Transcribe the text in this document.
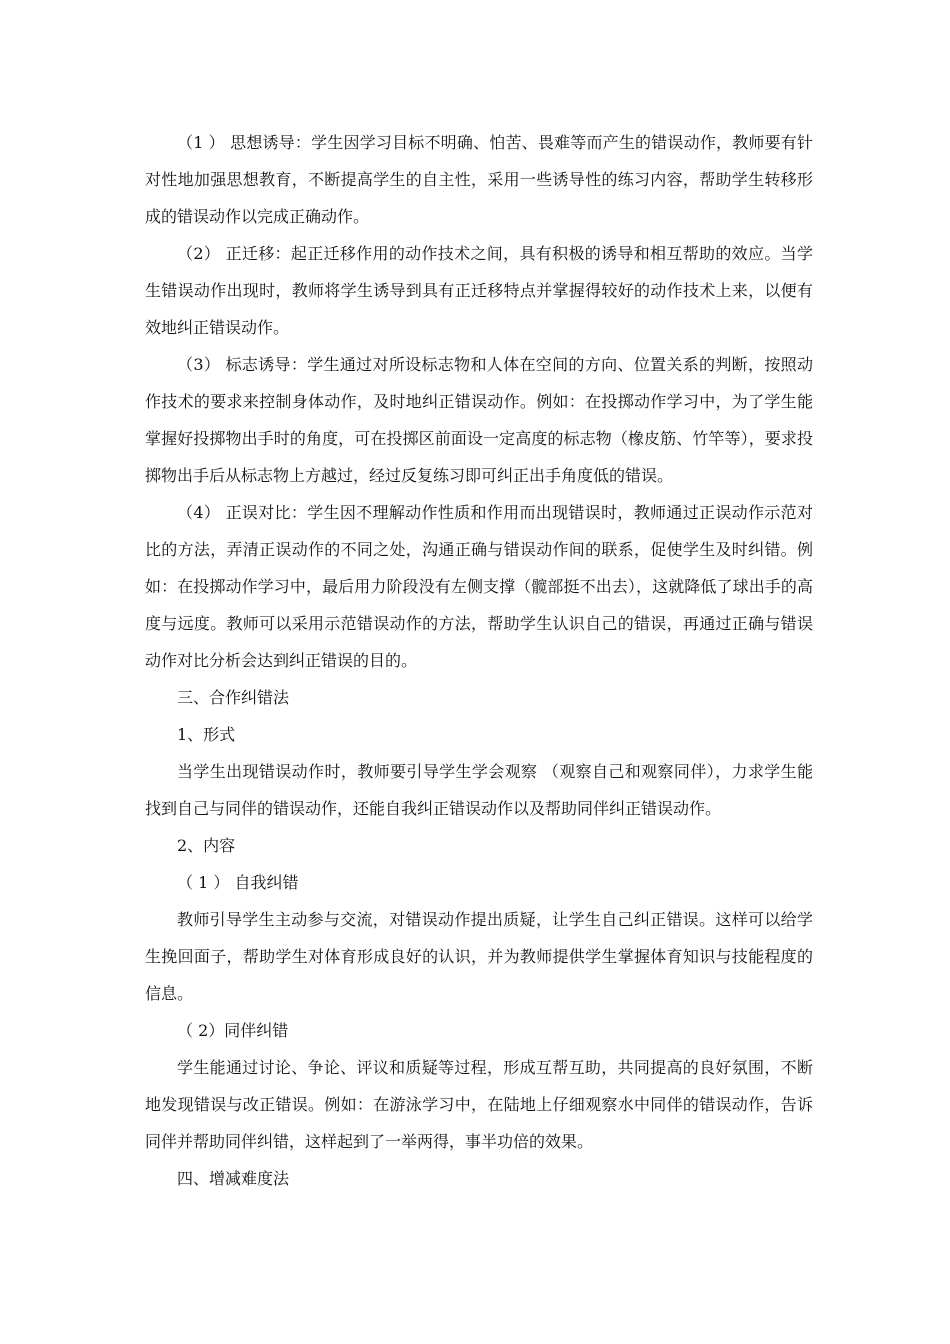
（1 ） 思想诱导：学生因学习目标不明确、怕苦、畏难等而产生的错误动作，教师要有针对性地加强思想教育，不断提高学生的自主性，采用一些诱导性的练习内容，帮助学生转移形成的错误动作以完成正确动作。

（2） 正迁移：起正迁移作用的动作技术之间，具有积极的诱导和相互帮助的效应。当学生错误动作出现时，教师将学生诱导到具有正迁移特点并掌握得较好的动作技术上来，以便有效地纠正错误动作。

（3） 标志诱导：学生通过对所设标志物和人体在空间的方向、位置关系的判断，按照动作技术的要求来控制身体动作，及时地纠正错误动作。例如：在投掷动作学习中，为了学生能掌握好投掷物出手时的角度，可在投掷区前面设一定高度的标志物（橡皮筋、竹竿等），要求投掷物出手后从标志物上方越过，经过反复练习即可纠正出手角度低的错误。

（4） 正误对比：学生因不理解动作性质和作用而出现错误时，教师通过正误动作示范对比的方法，弄清正误动作的不同之处，沟通正确与错误动作间的联系，促使学生及时纠错。例如：在投掷动作学习中，最后用力阶段没有左侧支撑（髋部挺不出去），这就降低了球出手的高度与远度。教师可以采用示范错误动作的方法，帮助学生认识自己的错误，再通过正确与错误动作对比分析会达到纠正错误的目的。

三、合作纠错法

1、形式

当学生出现错误动作时，教师要引导学生学会观察 （观察自己和观察同伴），力求学生能找到自己与同伴的错误动作，还能自我纠正错误动作以及帮助同伴纠正错误动作。

2、内容

（ 1 ） 自我纠错

教师引导学生主动参与交流，对错误动作提出质疑，让学生自己纠正错误。这样可以给学生挽回面子，帮助学生对体育形成良好的认识，并为教师提供学生掌握体育知识与技能程度的信息。

（ 2）同伴纠错

学生能通过讨论、争论、评议和质疑等过程，形成互帮互助，共同提高的良好氛围，不断地发现错误与改正错误。例如：在游泳学习中，在陆地上仔细观察水中同伴的错误动作，告诉同伴并帮助同伴纠错，这样起到了一举两得，事半功倍的效果。

四、增减难度法
